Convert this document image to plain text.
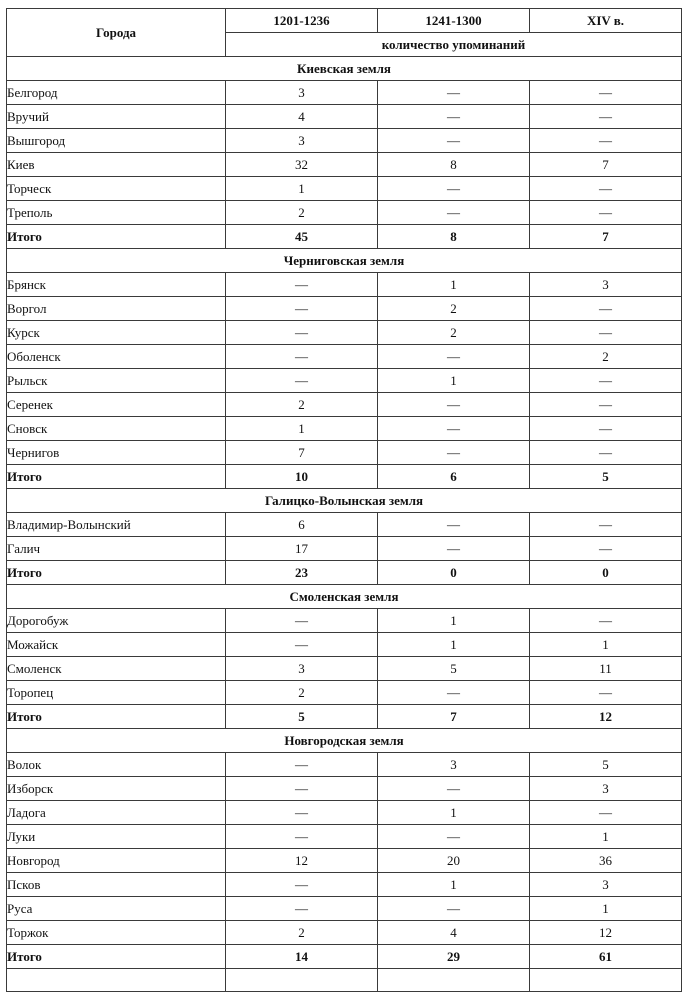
Города	1201-1236	1241-1300	XIV в.
	количество упоминаний		
Киевская земля			
Белгород	3	—	—
Вручий	4	—	—
Вышгород	3	—	—
Киев	32	8	7
Торческ	1	—	—
Треполь	2	—	—
Итого	45	8	7
Черниговская земля			
Брянск	—	1	3
Воргол	—	2	—
Курск	—	2	—
Оболенск	—	—	2
Рыльск	—	1	—
Серенек	2	—	—
Сновск	1	—	—
Чернигов	7	—	—
Итого	10	6	5
Галицко-Волынская земля			
Владимир-Волынский	6	—	—
Галич	17	—	—
Итого	23	0	0
Смоленская земля			
Дорогобуж	—	1	—
Можайск	—	1	1
Смоленск	3	5	11
Торопец	2	—	—
Итого	5	7	12
Новгородская земля			
Волок	—	3	5
Изборск	—	—	3
Ладога	—	1	—
Луки	—	—	1
Новгород	12	20	36
Псков	—	1	3
Руса	—	—	1
Торжок	2	4	12
Итого	14	29	61
